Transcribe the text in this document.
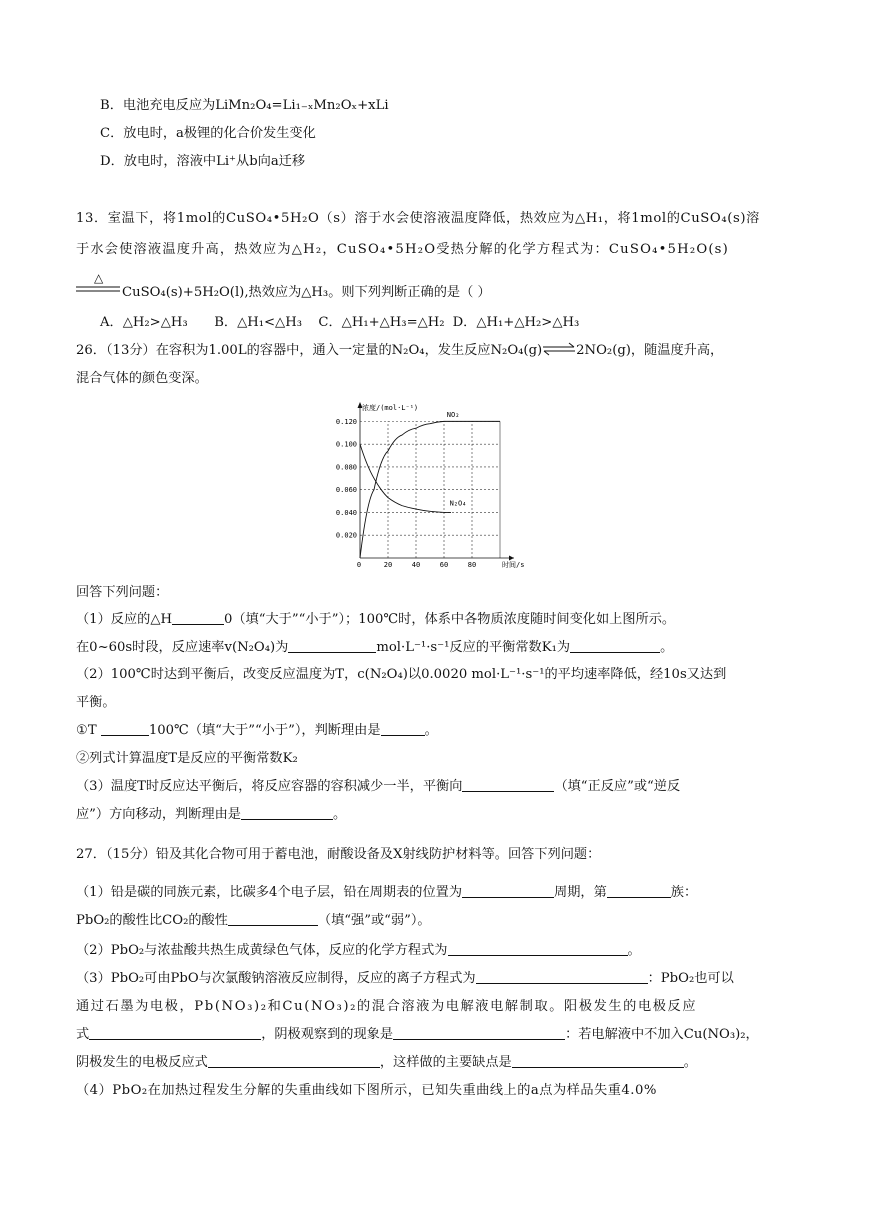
B．电池充电反应为LiMn₂O₄=Li₁₋ₓMn₂Oₓ+xLi
C．放电时，a极锂的化合价发生变化
D．放电时，溶液中Li⁺从b向a迁移
13．室温下，将1mol的CuSO₄•5H₂O（s）溶于水会使溶液温度降低，热效应为△H₁，将1mol的CuSO₄(s)溶
于水会使溶液温度升高，热效应为△H₂，CuSO₄•5H₂O受热分解的化学方程式为：CuSO₄•5H₂O(s)
△
CuSO₄(s)+5H₂O(l),热效应为△H₃。则下列判断正确的是（ ）
A．△H₂>△H₃ B．△H₁<△H₃ C．△H₁+△H₃=△H₂ D．△H₁+△H₂>△H₃
26．（13分）在容积为1.00L的容器中，通入一定量的N₂O₄，发生反应N₂O₄(g)⇌2NO₂(g)，随温度升高，
混合气体的颜色变深。
0.020
0.040
0.060
0.080
0.100
0.120
0	20	40	60	80
浓度/(mol·L⁻¹)
时间/s
NO₂
N₂O₄
回答下列问题：
（1）反应的△H	0（填“大于”“小于”）；100℃时，体系中各物质浓度随时间变化如上图所示。
在0~60s时段，反应速率v(N₂O₄)为	mol·L⁻¹·s⁻¹反应的平衡常数K₁为	。
（2）100℃时达到平衡后，改变反应温度为T，c(N₂O₄)以0.0020 mol·L⁻¹·s⁻¹的平均速率降低，经10s又达到
平衡。
①T	100℃（填“大于”“小于”），判断理由是	。
②列式计算温度T是反应的平衡常数K₂
（3）温度T时反应达平衡后，将反应容器的容积减少一半，平衡向	（填“正反应”或“逆反
应”）方向移动，判断理由是	。
27．（15分）铅及其化合物可用于蓄电池，耐酸设备及X射线防护材料等。回答下列问题：
（1）铅是碳的同族元素，比碳多4个电子层，铅在周期表的位置为	周期，第	族：
PbO₂的酸性比CO₂的酸性	（填“强”或“弱”）。
（2）PbO₂与浓盐酸共热生成黄绿色气体，反应的化学方程式为	。
（3）PbO₂可由PbO与次氯酸钠溶液反应制得，反应的离子方程式为	：PbO₂也可以
通过石墨为电极，Pb(NO₃)₂和Cu(NO₃)₂的混合溶液为电解液电解制取。阳极发生的电极反应
式	，阴极观察到的现象是	：若电解液中不加入Cu(NO₃)₂，
阴极发生的电极反应式	，这样做的主要缺点是	。
（4）PbO₂在加热过程发生分解的失重曲线如下图所示，已知失重曲线上的a点为样品失重4.0%
